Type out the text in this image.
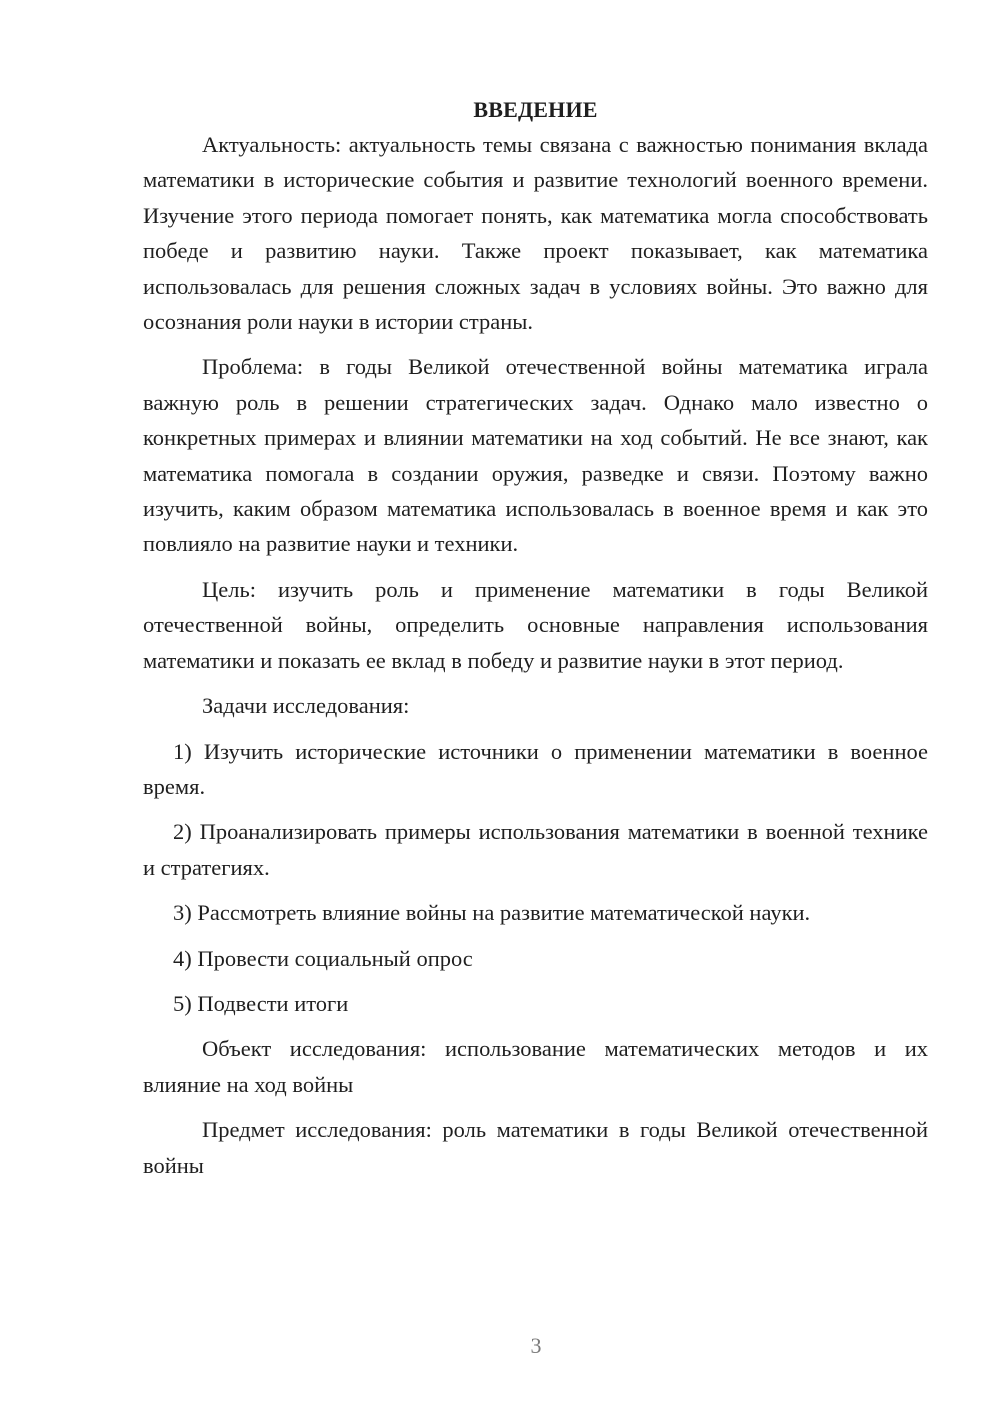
ВВЕДЕНИЕ

Актуальность: актуальность темы связана с важностью понимания вклада математики в исторические события и развитие технологий военного времени. Изучение этого периода помогает понять, как математика могла способствовать победе и развитию науки. Также проект показывает, как математика использовалась для решения сложных задач в условиях войны. Это важно для осознания роли науки в истории страны.

Проблема: в годы Великой отечественной войны математика играла важную роль в решении стратегических задач. Однако мало известно о конкретных примерах и влиянии математики на ход событий. Не все знают, как математика помогала в создании оружия, разведке и связи. Поэтому важно изучить, каким образом математика использовалась в военное время и как это повлияло на развитие науки и техники.

Цель: изучить роль и применение математики в годы Великой отечественной войны, определить основные направления использования математики и показать ее вклад в победу и развитие науки в этот период.

Задачи исследования:

1) Изучить исторические источники о применении математики в военное время.

2) Проанализировать примеры использования математики в военной технике и стратегиях.

3) Рассмотреть влияние войны на развитие математической науки.

4) Провести социальный опрос

5) Подвести итоги

Объект исследования: использование математических методов и их влияние на ход войны

Предмет исследования: роль математики в годы Великой отечественной войны

3
